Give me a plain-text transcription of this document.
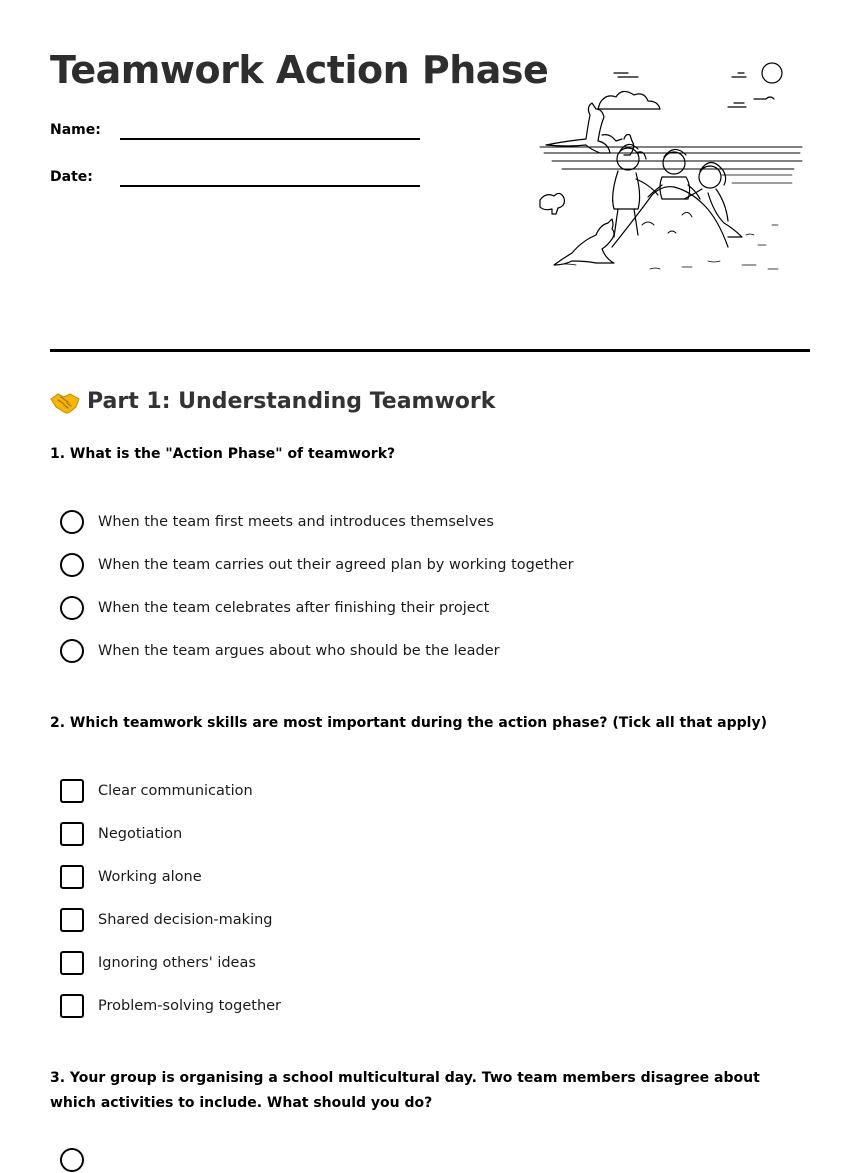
Teamwork Action Phase
Name:
Date:
Part 1: Understanding Teamwork

1. What is the "Action Phase" of teamwork?

When the team first meets and introduces themselves
When the team carries out their agreed plan by working together
When the team celebrates after finishing their project
When the team argues about who should be the leader

2. Which teamwork skills are most important during the action phase? (Tick all that apply)

Clear communication
Negotiation
Working alone
Shared decision-making
Ignoring others' ideas
Problem-solving together

3. Your group is organising a school multicultural day. Two team members disagree about which activities to include. What should you do?
